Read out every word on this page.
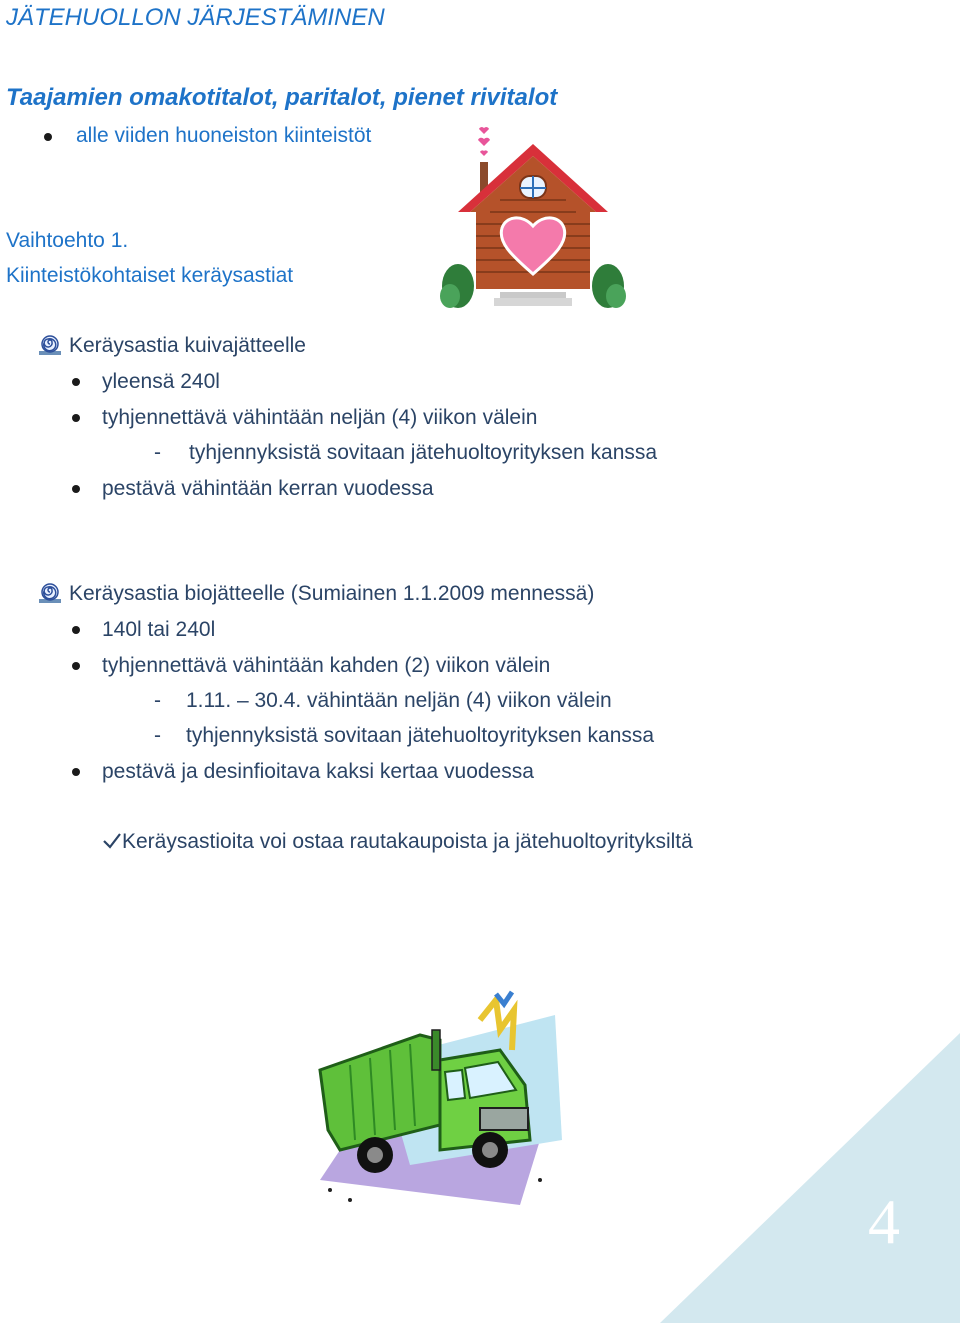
4
JÄTEHUOLLON JÄRJESTÄMINEN
Taajamien omakotitalot, paritalot, pienet rivitalot
alle viiden huoneiston kiinteistöt
Vaihtoehto 1.
Kiinteistökohtaiset keräysastiat
Keräysastia kuivajätteelle
yleensä 240l
tyhjennettävä vähintään neljän (4) viikon välein
- tyhjennyksistä sovitaan jätehuoltoyrityksen kanssa
pestävä vähintään kerran vuodessa
Keräysastia biojätteelle (Sumiainen 1.1.2009 mennessä)
140l tai 240l
tyhjennettävä vähintään kahden (2) viikon välein
- 1.11. – 30.4. vähintään neljän (4) viikon välein
- tyhjennyksistä sovitaan jätehuoltoyrityksen kanssa
pestävä ja desinfioitava kaksi kertaa vuodessa
Keräysastioita voi ostaa rautakaupoista ja jätehuoltoyrityksiltä
